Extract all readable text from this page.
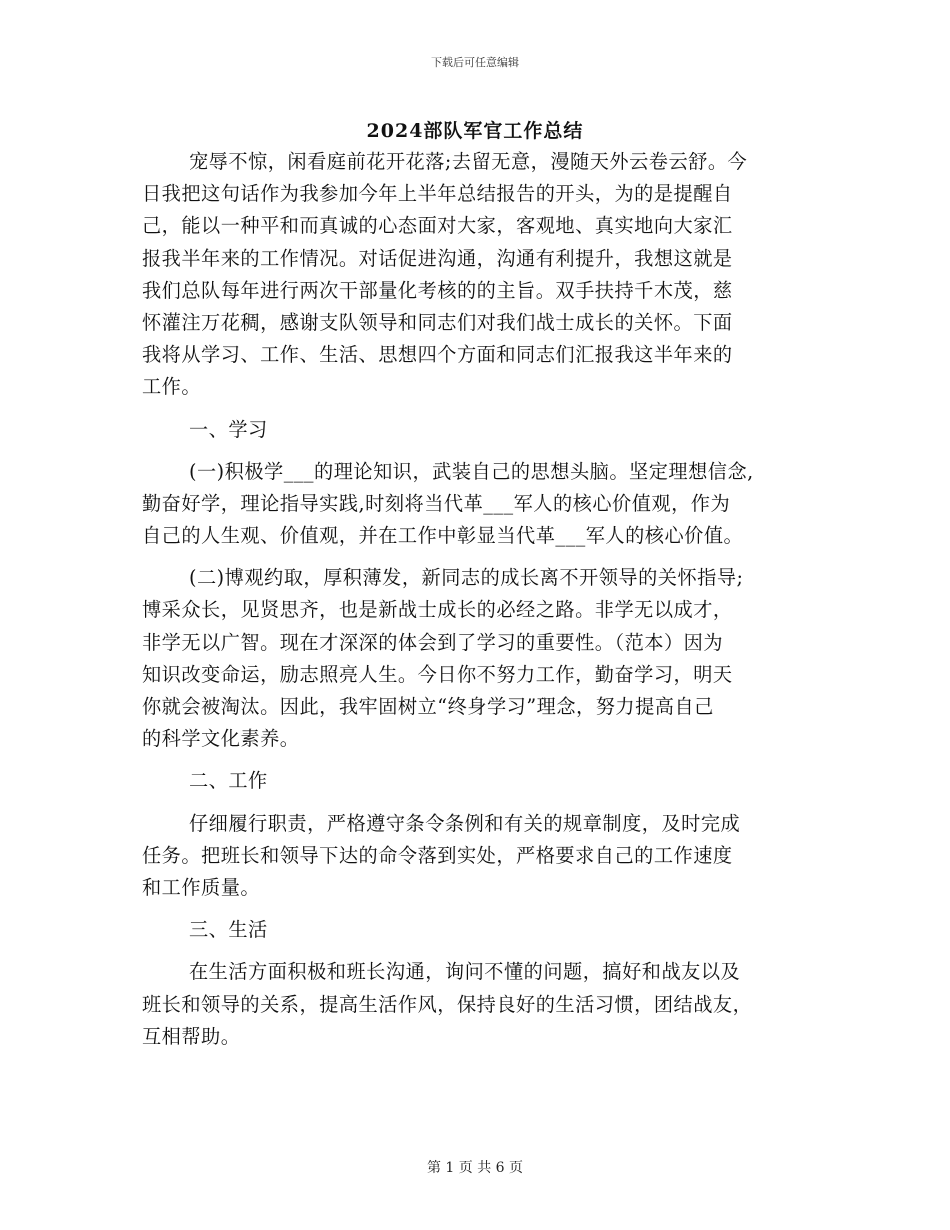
下载后可任意编辑
2024部队军官工作总结
宠辱不惊，闲看庭前花开花落;去留无意，漫随天外云卷云舒。今
日我把这句话作为我参加今年上半年总结报告的开头，为的是提醒自
己，能以一种平和而真诚的心态面对大家，客观地、真实地向大家汇
报我半年来的工作情况。对话促进沟通，沟通有利提升，我想这就是
我们总队每年进行两次干部量化考核的的主旨。双手扶持千木茂，慈
怀灌注万花稠，感谢支队领导和同志们对我们战士成长的关怀。下面
我将从学习、工作、生活、思想四个方面和同志们汇报我这半年来的
工作。
一、学习
(一)积极学___的理论知识，武装自己的思想头脑。坚定理想信念,
勤奋好学，理论指导实践,时刻将当代革___军人的核心价值观，作为
自己的人生观、价值观，并在工作中彰显当代革___军人的核心价值。
(二)博观约取，厚积薄发，新同志的成长离不开领导的关怀指导;
博采众长，见贤思齐，也是新战士成长的必经之路。非学无以成才，
非学无以广智。现在才深深的体会到了学习的重要性。（范本）因为
知识改变命运，励志照亮人生。今日你不努力工作，勤奋学习，明天
你就会被淘汰。因此，我牢固树立“终身学习”理念，努力提高自己
的科学文化素养。
二、工作
仔细履行职责，严格遵守条令条例和有关的规章制度，及时完成
任务。把班长和领导下达的命令落到实处，严格要求自己的工作速度
和工作质量。
三、生活
在生活方面积极和班长沟通，询问不懂的问题，搞好和战友以及
班长和领导的关系，提高生活作风，保持良好的生活习惯，团结战友，
互相帮助。
第 1 页 共 6 页
